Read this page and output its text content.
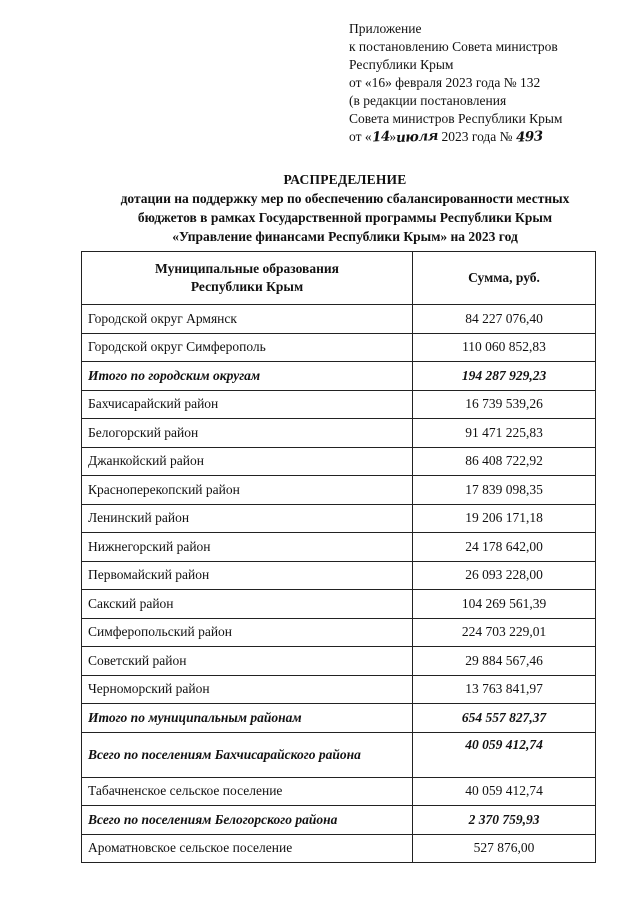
Приложение
к постановлению Совета министров
Республики Крым
от «16» февраля 2023 года № 132
(в редакции постановления
Совета министров Республики Крым
от «14»июля 2023 года № 493
РАСПРЕДЕЛЕНИЕ
дотации на поддержку мер по обеспечению сбалансированности местных
бюджетов в рамках Государственной программы Республики Крым
«Управление финансами Республики Крым» на 2023 год
Муниципальные образования Республики Крым	Сумма, руб.
Городской округ Армянск	84 227 076,40
Городской округ Симферополь	110 060 852,83
Итого по городским округам	194 287 929,23
Бахчисарайский район	16 739 539,26
Белогорский район	91 471 225,83
Джанкойский район	86 408 722,92
Красноперекопский район	17 839 098,35
Ленинский район	19 206 171,18
Нижнегорский район	24 178 642,00
Первомайский район	26 093 228,00
Сакский район	104 269 561,39
Симферопольский район	224 703 229,01
Советский район	29 884 567,46
Черноморский район	13 763 841,97
Итого по муниципальным районам	654 557 827,37
Всего по поселениям Бахчисарайского района	40 059 412,74
Табачненское сельское поселение	40 059 412,74
Всего по поселениям Белогорского района	2 370 759,93
Ароматновское сельское поселение	527 876,00
